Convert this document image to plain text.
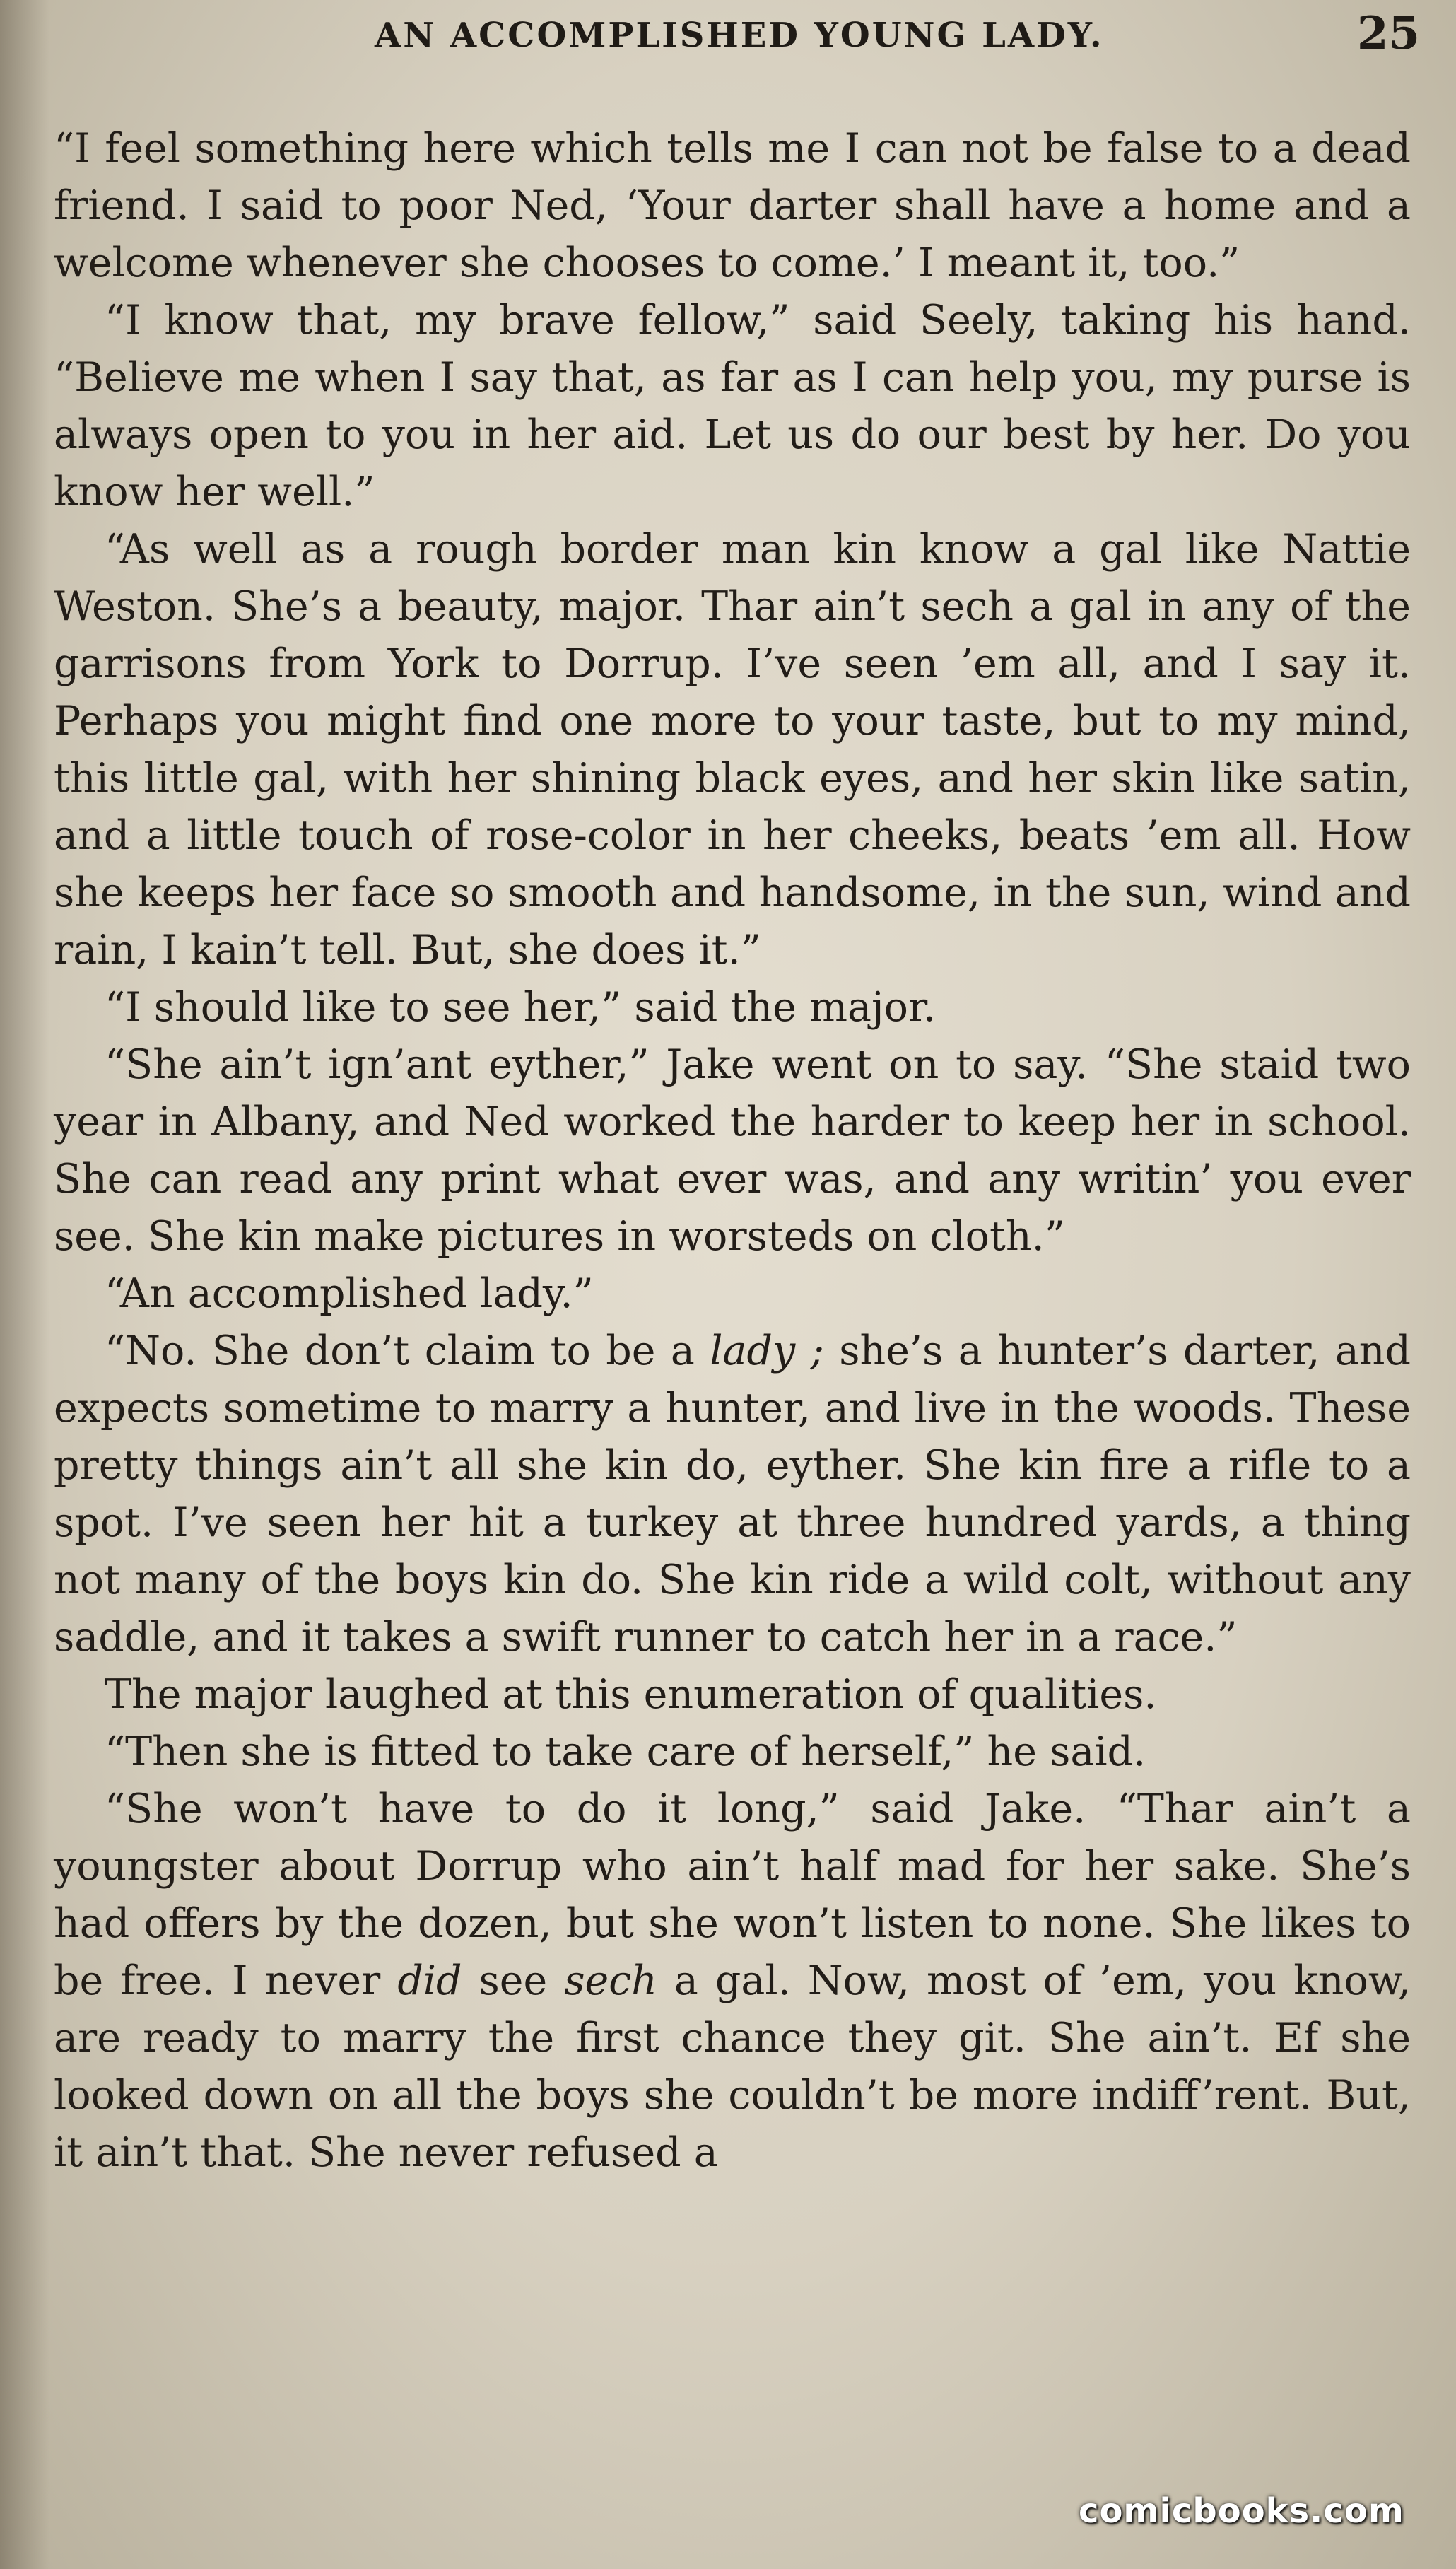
AN ACCOMPLISHED YOUNG LADY.	25

“I feel something here which tells me I can not be false to a dead friend. I said to poor Ned, ‘Your darter shall have a home and a welcome whenever she chooses to come.’ I meant it, too.”

“I know that, my brave fellow,” said Seely, taking his hand. “Believe me when I say that, as far as I can help you, my purse is always open to you in her aid. Let us do our best by her. Do you know her well.”

“As well as a rough border man kin know a gal like Nattie Weston. She’s a beauty, major. Thar ain’t sech a gal in any of the garrisons from York to Dorrup. I’ve seen ’em all, and I say it. Perhaps you might find one more to your taste, but to my mind, this little gal, with her shining black eyes, and her skin like satin, and a little touch of rose-color in her cheeks, beats ’em all. How she keeps her face so smooth and handsome, in the sun, wind and rain, I kain’t tell. But, she does it.”

“I should like to see her,” said the major.

“She ain’t ign’ant eyther,” Jake went on to say. “She staid two year in Albany, and Ned worked the harder to keep her in school. She can read any print what ever was, and any writin’ you ever see. She kin make pictures in worsteds on cloth.”

“An accomplished lady.”

“No. She don’t claim to be a lady ; she’s a hunter’s darter, and expects sometime to marry a hunter, and live in the woods. These pretty things ain’t all she kin do, eyther. She kin fire a rifle to a spot. I’ve seen her hit a turkey at three hundred yards, a thing not many of the boys kin do. She kin ride a wild colt, without any saddle, and it takes a swift runner to catch her in a race.”

The major laughed at this enumeration of qualities.

“Then she is fitted to take care of herself,” he said.

“She won’t have to do it long,” said Jake. “Thar ain’t a youngster about Dorrup who ain’t half mad for her sake. She’s had offers by the dozen, but she won’t listen to none. She likes to be free. I never did see sech a gal. Now, most of ’em, you know, are ready to marry the first chance they git. She ain’t. Ef she looked down on all the boys she couldn’t be more indiff’rent. But, it ain’t that. She never refused a

comicbooks.com
